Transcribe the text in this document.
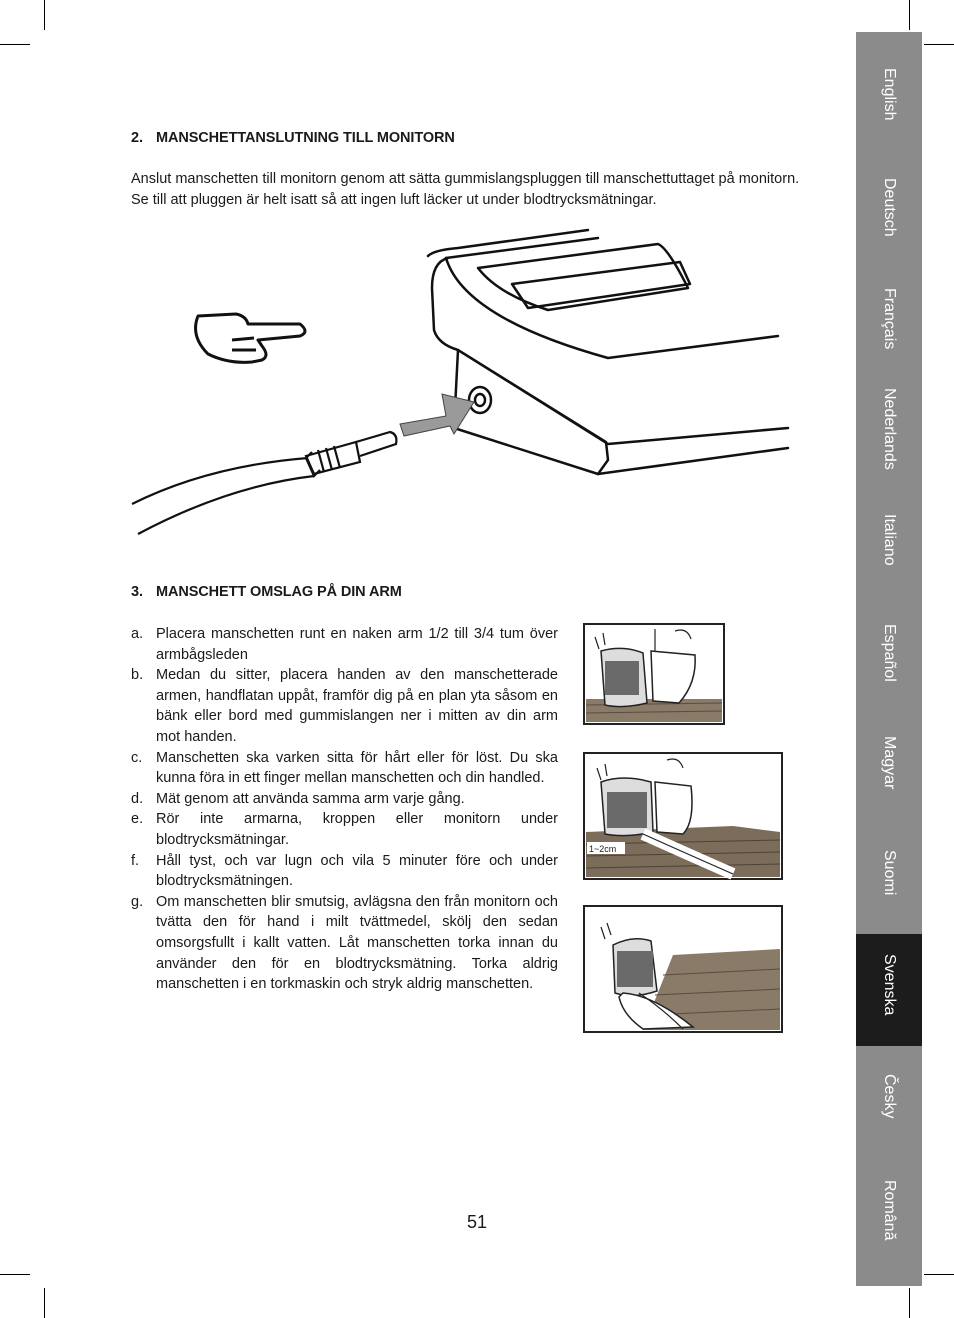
2. MANSCHETTANSLUTNING TILL MONITORN
Anslut manschetten till monitorn genom att sätta gummislangspluggen till manschettuttaget på monitorn. Se till att pluggen är helt isatt så att ingen luft läcker ut under blodtrycksmätningar.
3. MANSCHETT OMSLAG PÅ DIN ARM
a. Placera manschetten runt en naken arm 1/2 till 3/4 tum över armbågsleden
b. Medan du sitter, placera handen av den manschetterade armen, handflatan uppåt, framför dig på en plan yta såsom en bänk eller bord med gummislangen ner i mitten av din arm mot handen.
c. Manschetten ska varken sitta för hårt eller för löst. Du ska kunna föra in ett finger mellan manschetten och din handled.
d. Mät genom att använda samma arm varje gång.
e. Rör inte armarna, kroppen eller monitorn under blodtrycksmätningar.
f. Håll tyst, och var lugn och vila 5 minuter före och under blodtrycksmätningen.
g. Om manschetten blir smutsig, avlägsna den från monitorn och tvätta den för hand i milt tvättmedel, skölj den sedan omsorgsfullt i kallt vatten. Låt manschetten torka innan du använder den för en blodtrycksmätning. Torka aldrig manschetten i en torkmaskin och stryk aldrig manschetten.
1~2cm
English
Deutsch
Français
Nederlands
Italiano
Español
Magyar
Suomi
Svenska
Česky
Română
51
